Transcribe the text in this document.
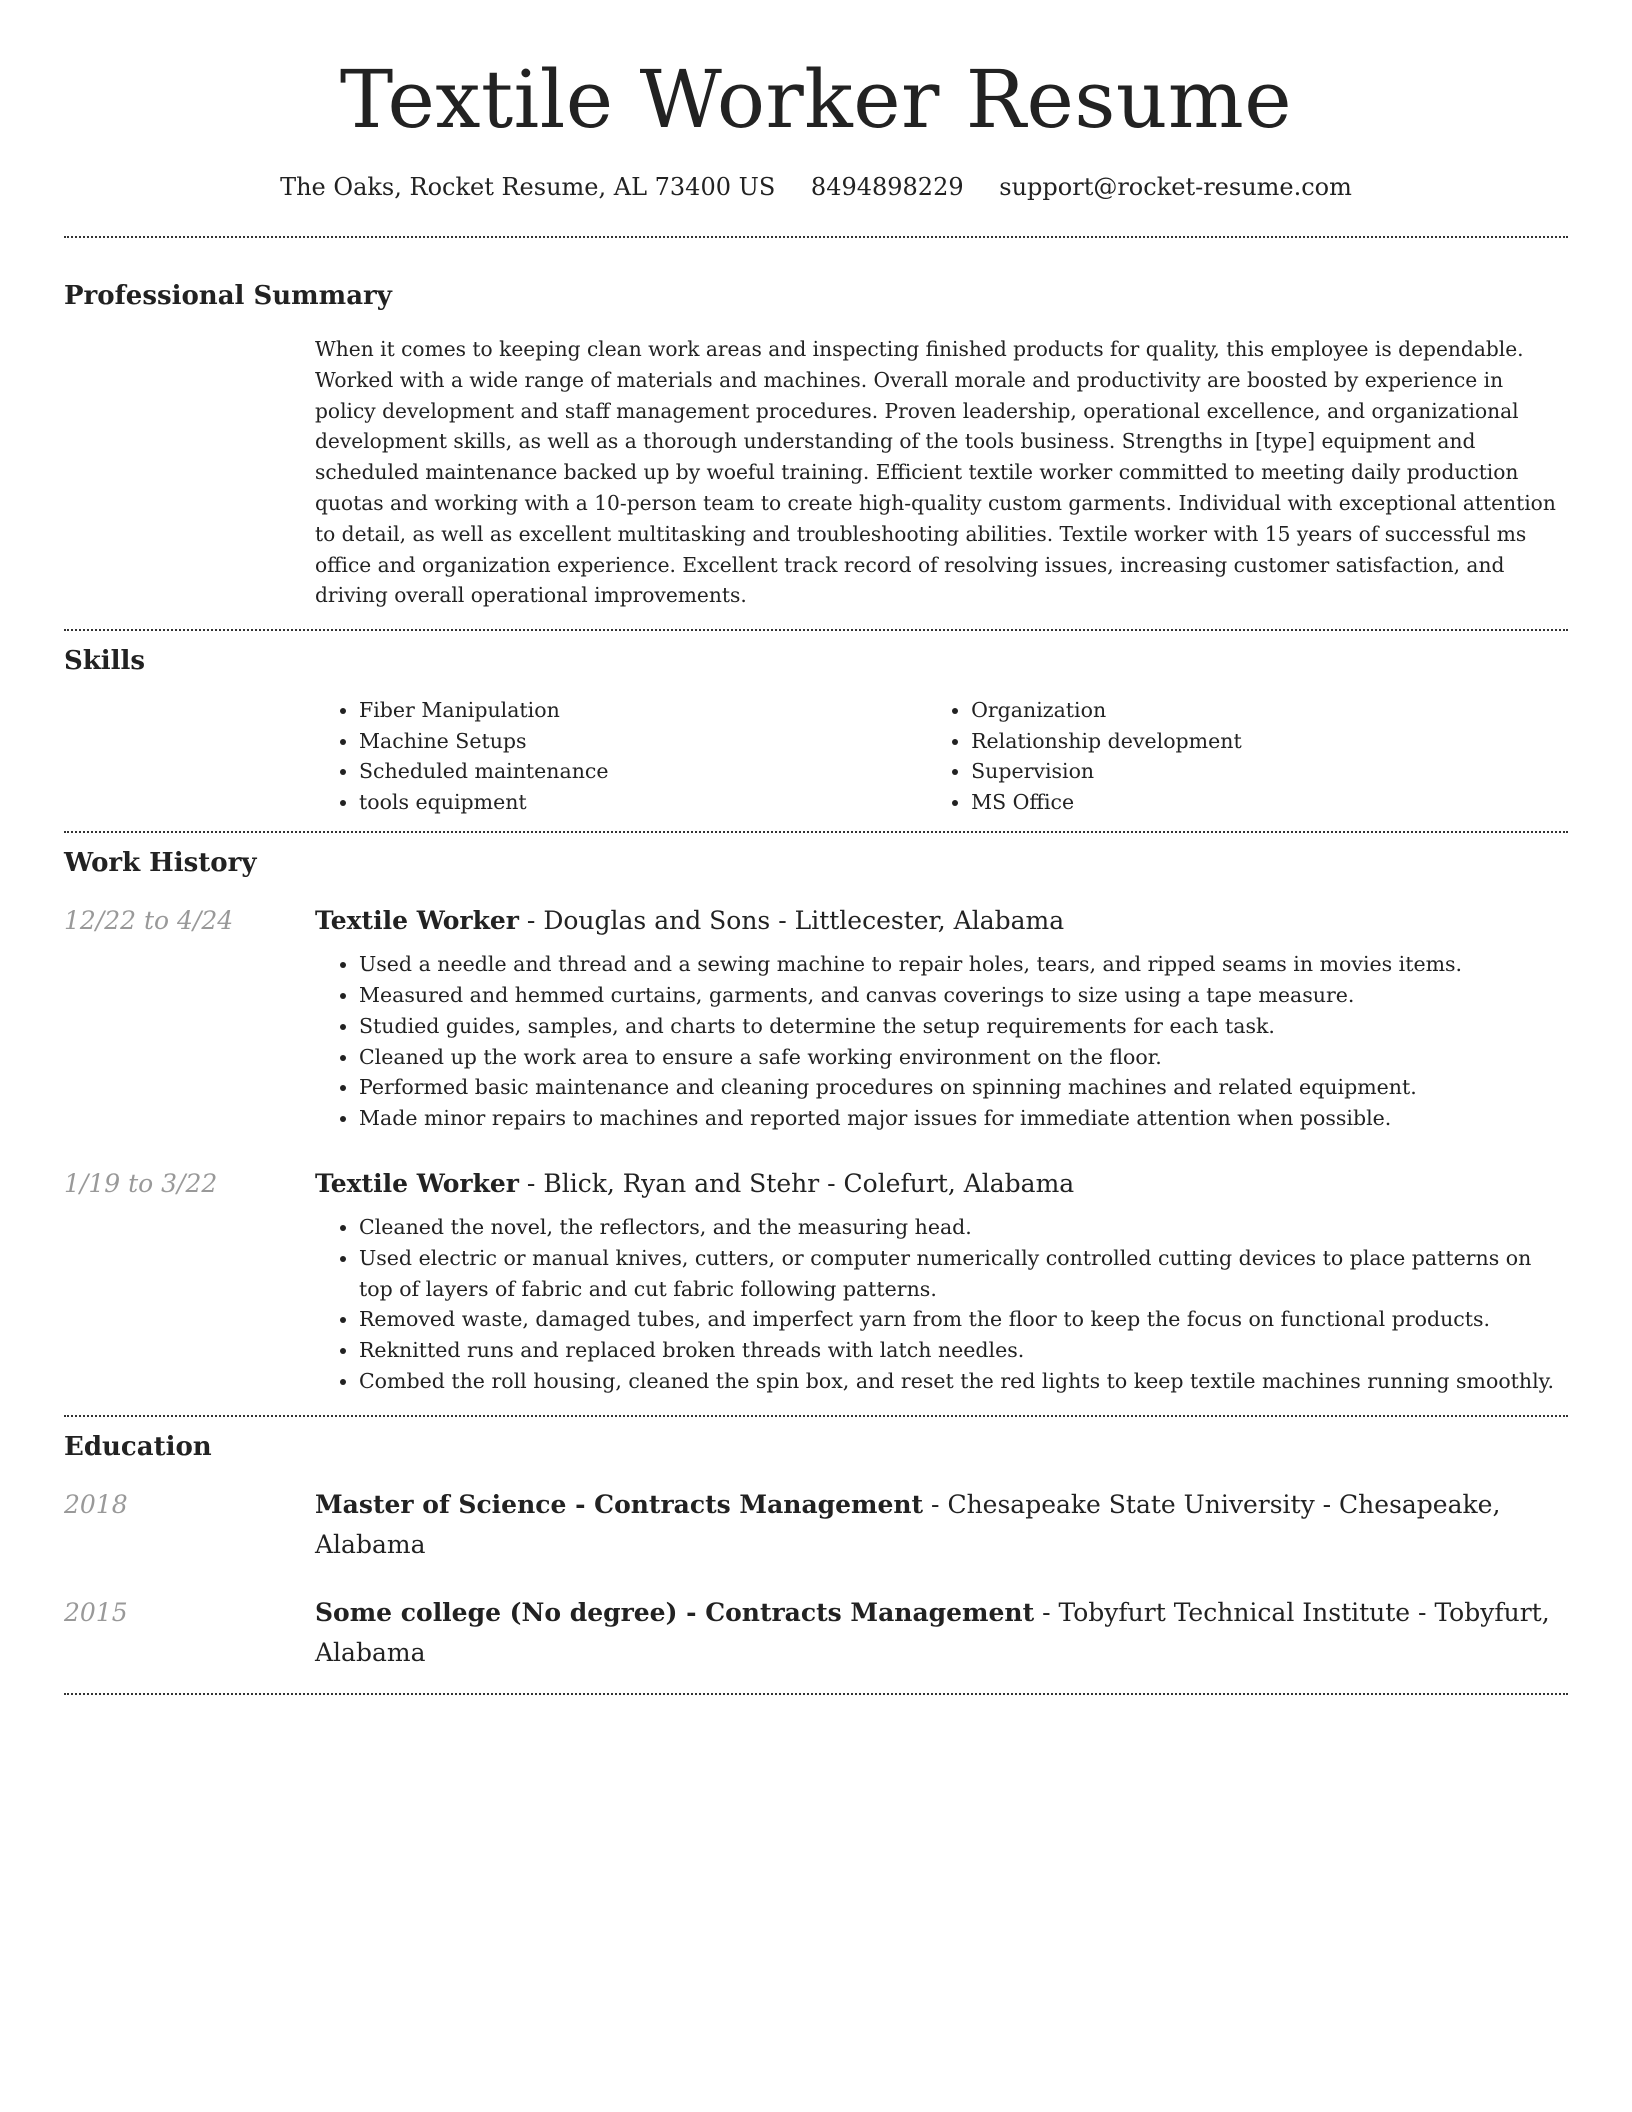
Textile Worker Resume
The Oaks, Rocket Resume, AL 73400 US 8494898229 support@rocket-resume.com
Professional Summary
When it comes to keeping clean work areas and inspecting finished products for quality, this employee is dependable. Worked with a wide range of materials and machines. Overall morale and productivity are boosted by experience in policy development and staff management procedures. Proven leadership, operational excellence, and organizational development skills, as well as a thorough understanding of the tools business. Strengths in [type] equipment and scheduled maintenance backed up by woeful training. Efficient textile worker committed to meeting daily production quotas and working with a 10-person team to create high-quality custom garments. Individual with exceptional attention to detail, as well as excellent multitasking and troubleshooting abilities. Textile worker with 15 years of successful ms office and organization experience. Excellent track record of resolving issues, increasing customer satisfaction, and driving overall operational improvements.
Skills
• Fiber Manipulation
• Machine Setups
• Scheduled maintenance
• tools equipment
• Organization
• Relationship development
• Supervision
• MS Office
Work History
12/22 to 4/24	Textile Worker - Douglas and Sons - Littlecester, Alabama
• Used a needle and thread and a sewing machine to repair holes, tears, and ripped seams in movies items.
• Measured and hemmed curtains, garments, and canvas coverings to size using a tape measure.
• Studied guides, samples, and charts to determine the setup requirements for each task.
• Cleaned up the work area to ensure a safe working environment on the floor.
• Performed basic maintenance and cleaning procedures on spinning machines and related equipment.
• Made minor repairs to machines and reported major issues for immediate attention when possible.
1/19 to 3/22	Textile Worker - Blick, Ryan and Stehr - Colefurt, Alabama
• Cleaned the novel, the reflectors, and the measuring head.
• Used electric or manual knives, cutters, or computer numerically controlled cutting devices to place patterns on top of layers of fabric and cut fabric following patterns.
• Removed waste, damaged tubes, and imperfect yarn from the floor to keep the focus on functional products.
• Reknitted runs and replaced broken threads with latch needles.
• Combed the roll housing, cleaned the spin box, and reset the red lights to keep textile machines running smoothly.
Education
2018	Master of Science - Contracts Management - Chesapeake State University - Chesapeake, Alabama
2015	Some college (No degree) - Contracts Management - Tobyfurt Technical Institute - Tobyfurt, Alabama
